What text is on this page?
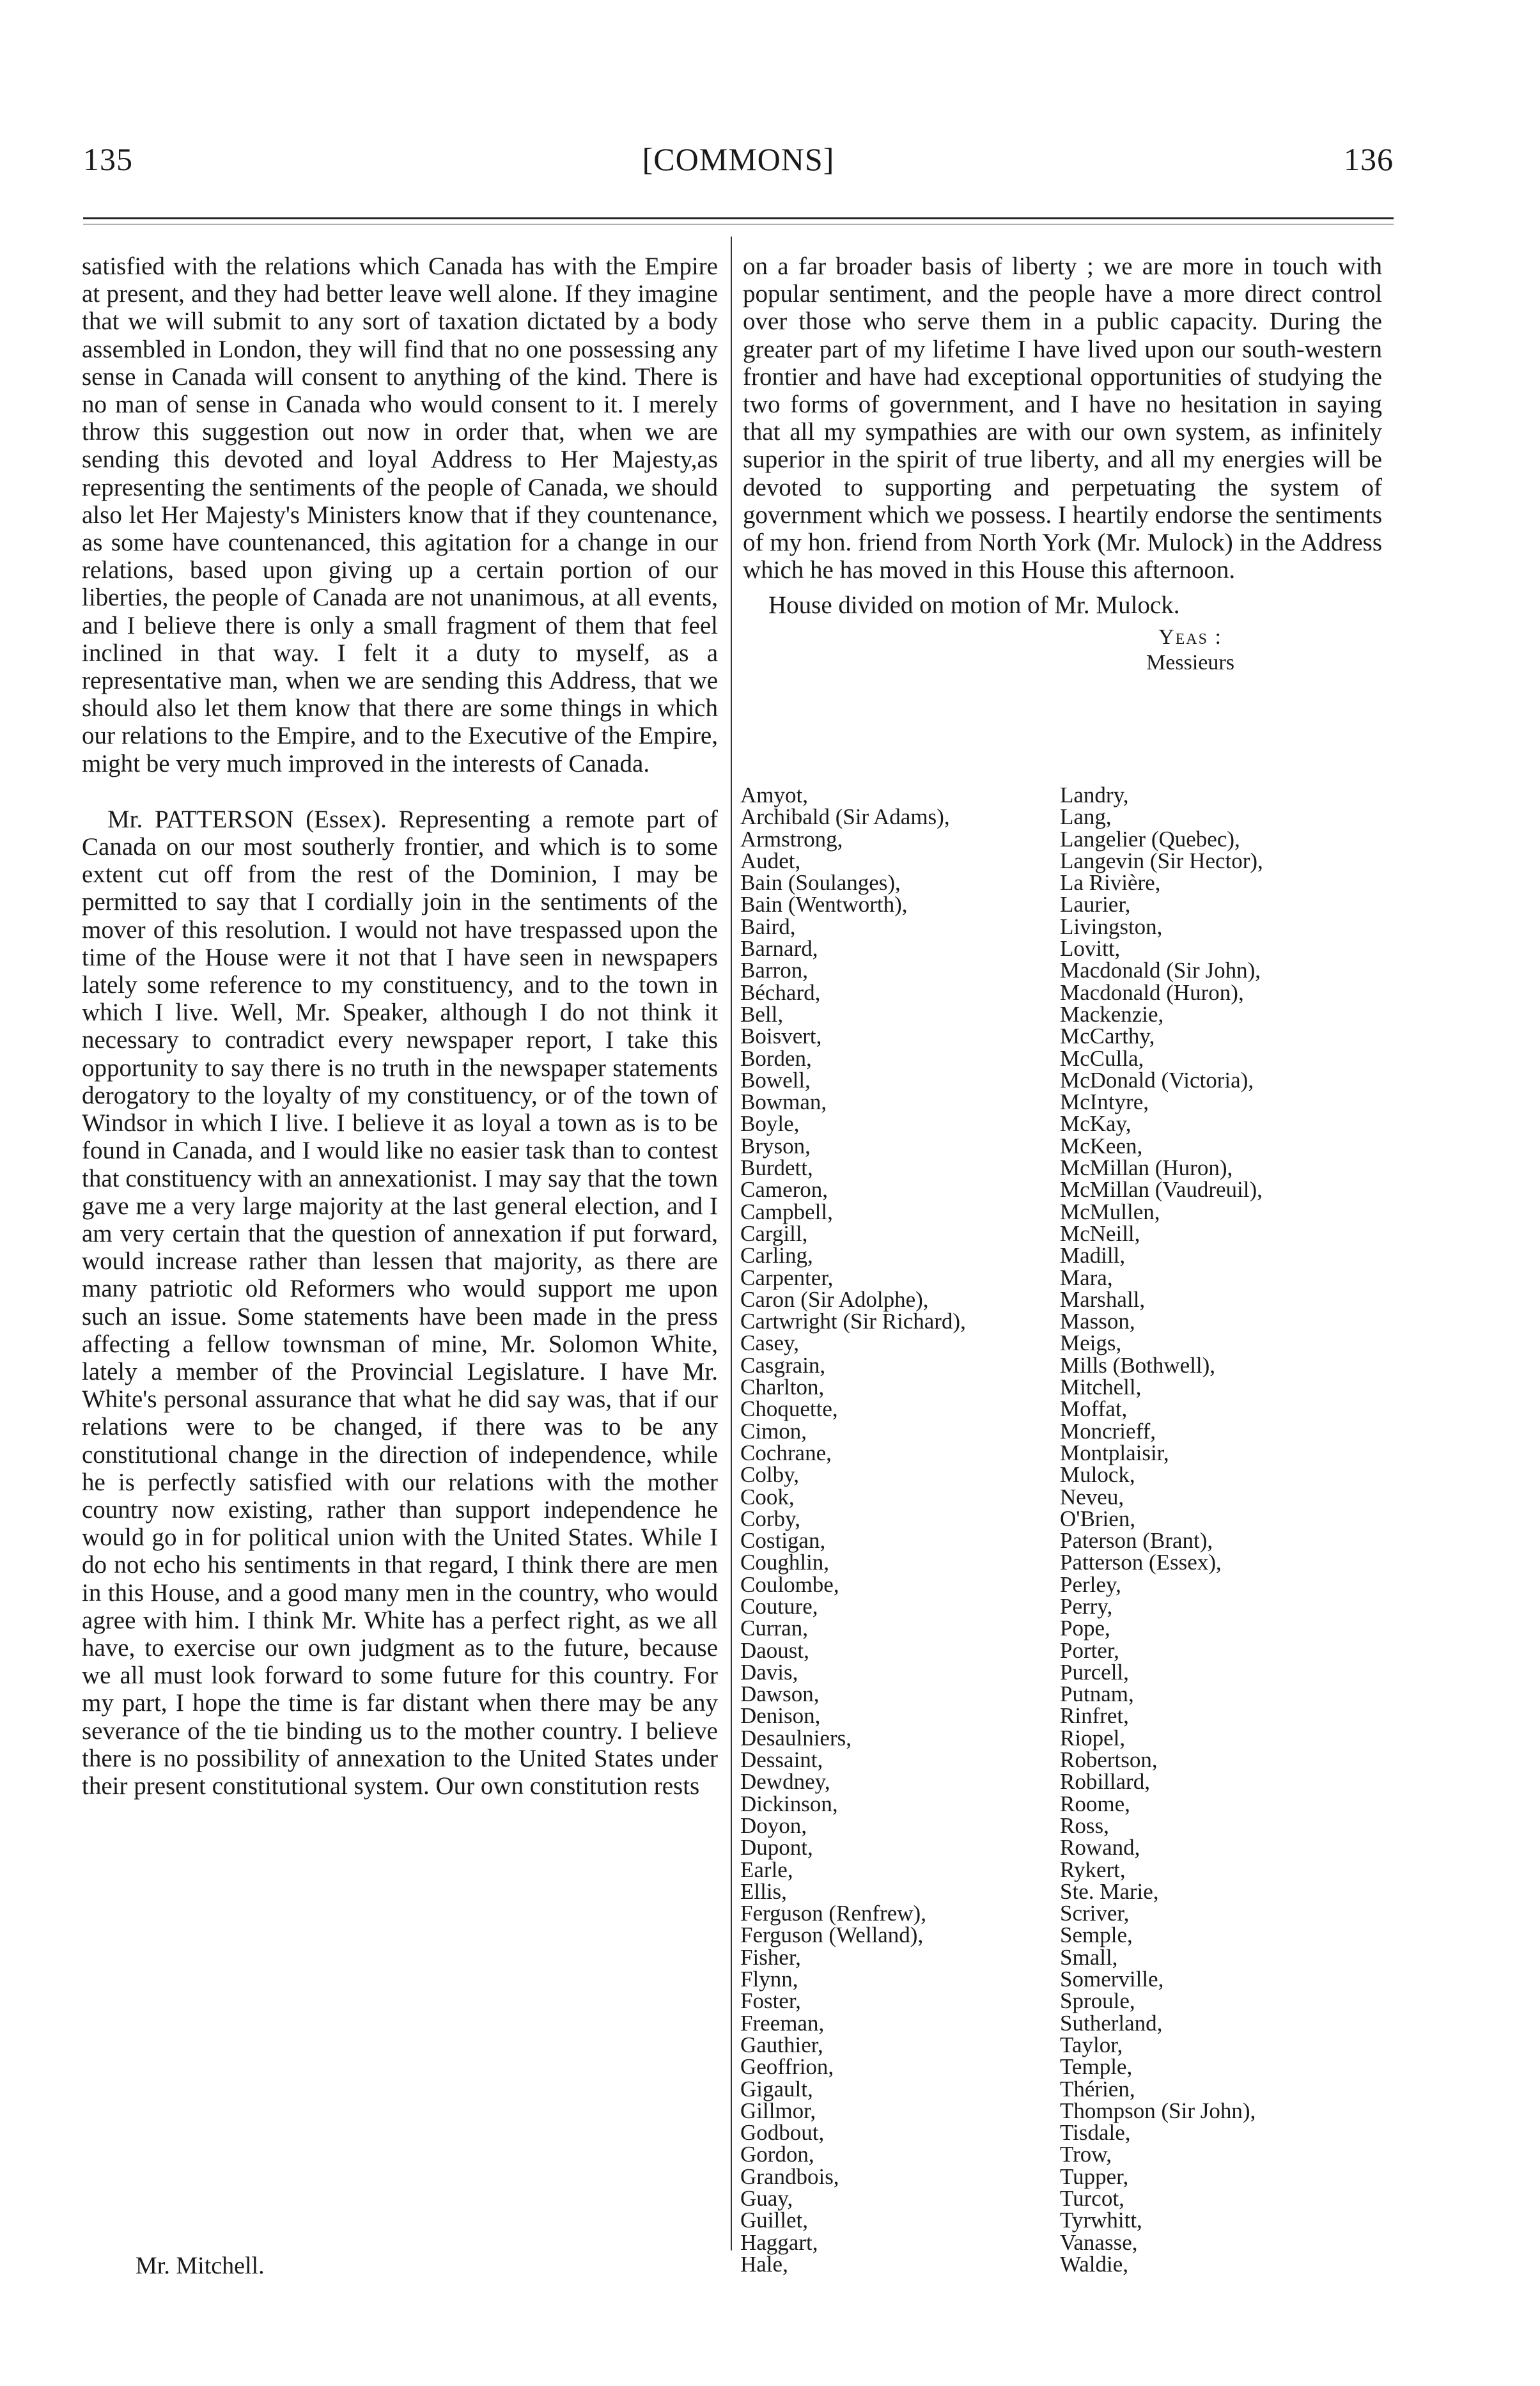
135	[COMMONS]	136

satisfied with the relations which Canada has with the Empire at present, and they had better leave well alone. If they imagine that we will submit to any sort of taxation dictated by a body assembled in London, they will find that no one possessing any sense in Canada will consent to anything of the kind. There is no man of sense in Canada who would consent to it. I merely throw this suggestion out now in order that, when we are sending this devoted and loyal Address to Her Majesty,as representing the sentiments of the people of Canada, we should also let Her Majesty's Ministers know that if they countenance, as some have countenanced, this agitation for a change in our relations, based upon giving up a certain portion of our liberties, the people of Canada are not unanimous, at all events, and I believe there is only a small fragment of them that feel inclined in that way. I felt it a duty to myself, as a representative man, when we are sending this Address, that we should also let them know that there are some things in which our relations to the Empire, and to the Executive of the Empire, might be very much improved in the interests of Canada.

Mr. PATTERSON (Essex). Representing a remote part of Canada on our most southerly frontier, and which is to some extent cut off from the rest of the Dominion, I may be permitted to say that I cordially join in the sentiments of the mover of this resolution. I would not have trespassed upon the time of the House were it not that I have seen in newspapers lately some reference to my constituency, and to the town in which I live. Well, Mr. Speaker, although I do not think it necessary to contradict every newspaper report, I take this opportunity to say there is no truth in the newspaper statements derogatory to the loyalty of my constituency, or of the town of Windsor in which I live. I believe it as loyal a town as is to be found in Canada, and I would like no easier task than to contest that constituency with an annexationist. I may say that the town gave me a very large majority at the last general election, and I am very certain that the question of annexation if put forward, would increase rather than lessen that majority, as there are many patriotic old Reformers who would support me upon such an issue. Some statements have been made in the press affecting a fellow townsman of mine, Mr. Solomon White, lately a member of the Provincial Legislature. I have Mr. White's personal assurance that what he did say was, that if our relations were to be changed, if there was to be any constitutional change in the direction of independence, while he is perfectly satisfied with our relations with the mother country now existing, rather than support independence he would go in for political union with the United States. While I do not echo his sentiments in that regard, I think there are men in this House, and a good many men in the country, who would agree with him. I think Mr. White has a perfect right, as we all have, to exercise our own judgment as to the future, because we all must look forward to some future for this country. For my part, I hope the time is far distant when there may be any severance of the tie binding us to the mother country. I believe there is no possibility of annexation to the United States under their present constitutional system. Our own constitution rests

Mr. Mitchell.

on a far broader basis of liberty ; we are more in touch with popular sentiment, and the people have a more direct control over those who serve them in a public capacity. During the greater part of my lifetime I have lived upon our south-western frontier and have had exceptional opportunities of studying the two forms of government, and I have no hesitation in saying that all my sympathies are with our own system, as infinitely superior in the spirit of true liberty, and all my energies will be devoted to supporting and perpetuating the system of government which we possess. I heartily endorse the sentiments of my hon. friend from North York (Mr. Mulock) in the Address which he has moved in this House this afternoon.

House divided on motion of Mr. Mulock.

Yeas :

Messieurs

Amyot,
Archibald (Sir Adams),
Armstrong,
Audet,
Bain (Soulanges),
Bain (Wentworth),
Baird,
Barnard,
Barron,
Béchard,
Bell,
Boisvert,
Borden,
Bowell,
Bowman,
Boyle,
Bryson,
Burdett,
Cameron,
Campbell,
Cargill,
Carling,
Carpenter,
Caron (Sir Adolphe),
Cartwright (Sir Richard),
Casey,
Casgrain,
Charlton,
Choquette,
Cimon,
Cochrane,
Colby,
Cook,
Corby,
Costigan,
Coughlin,
Coulombe,
Couture,
Curran,
Daoust,
Davis,
Dawson,
Denison,
Desaulniers,
Dessaint,
Dewdney,
Dickinson,
Doyon,
Dupont,
Earle,
Ellis,
Ferguson (Renfrew),
Ferguson (Welland),
Fisher,
Flynn,
Foster,
Freeman,
Gauthier,
Geoffrion,
Gigault,
Gillmor,
Godbout,
Gordon,
Grandbois,
Guay,
Guillet,
Haggart,
Hale,
Landry,
Lang,
Langelier (Quebec),
Langevin (Sir Hector),
La Rivière,
Laurier,
Livingston,
Lovitt,
Macdonald (Sir John),
Macdonald (Huron),
Mackenzie,
McCarthy,
McCulla,
McDonald (Victoria),
McIntyre,
McKay,
McKeen,
McMillan (Huron),
McMillan (Vaudreuil),
McMullen,
McNeill,
Madill,
Mara,
Marshall,
Masson,
Meigs,
Mills (Bothwell),
Mitchell,
Moffat,
Moncrieff,
Montplaisir,
Mulock,
Neveu,
O'Brien,
Paterson (Brant),
Patterson (Essex),
Perley,
Perry,
Pope,
Porter,
Purcell,
Putnam,
Rinfret,
Riopel,
Robertson,
Robillard,
Roome,
Ross,
Rowand,
Rykert,
Ste. Marie,
Scriver,
Semple,
Small,
Somerville,
Sproule,
Sutherland,
Taylor,
Temple,
Thérien,
Thompson (Sir John),
Tisdale,
Trow,
Tupper,
Turcot,
Tyrwhitt,
Vanasse,
Waldie,
